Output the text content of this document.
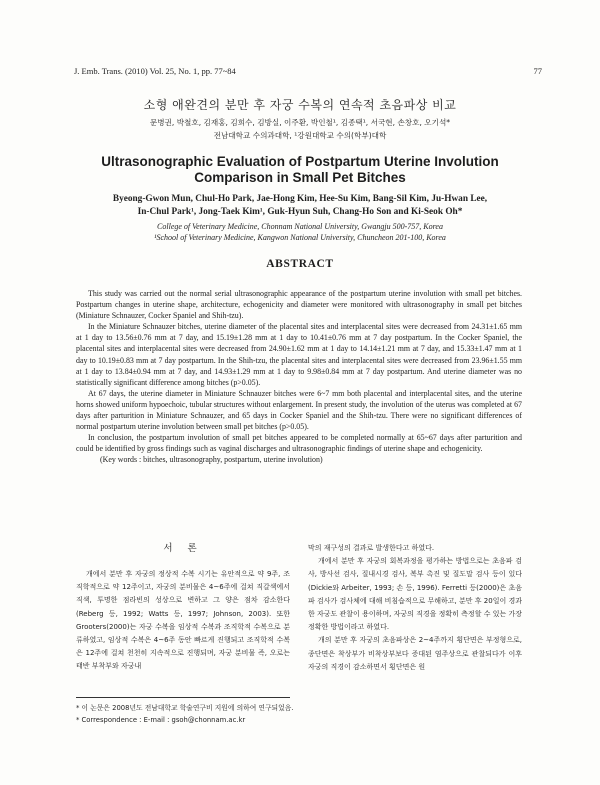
J. Emb. Trans. (2010) Vol. 25, No. 1, pp. 77~84	77
소형 애완견의 분만 후 자궁 수복의 연속적 초음파상 비교
문병권, 박철호, 김재홍, 김희수, 김방실, 이주환, 박인철¹, 김종택¹, 서국현, 손창호, 오기석*
전남대학교 수의과대학, ¹강원대학교 수의(학부)대학
Ultrasonographic Evaluation of Postpartum Uterine Involution Comparison in Small Pet Bitches
Byeong-Gwon Mun, Chul-Ho Park, Jae-Hong Kim, Hee-Su Kim, Bang-Sil Kim, Ju-Hwan Lee,
In-Chul Park¹, Jong-Taek Kim¹, Guk-Hyun Suh, Chang-Ho Son and Ki-Seok Oh*
College of Veterinary Medicine, Chonnam National University, Gwangju 500-757, Korea
¹School of Veterinary Medicine, Kangwon National University, Chuncheon 201-100, Korea
ABSTRACT

This study was carried out the normal serial ultrasonographic appearance of the postpartum uterine involution with small pet bitches. Postpartum changes in uterine shape, architecture, echogenicity and diameter were monitored with ultrasonography in small pet bitches (Miniature Schnauzer, Cocker Spaniel and Shih-tzu).

In the Miniature Schnauzer bitches, uterine diameter of the placental sites and interplacental sites were decreased from 24.31±1.65 mm at 1 day to 13.56±0.76 mm at 7 day, and 15.19±1.28 mm at 1 day to 10.41±0.76 mm at 7 day postpartum. In the Cocker Spaniel, the placental sites and interplacental sites were decreased from 24.90±1.62 mm at 1 day to 14.14±1.21 mm at 7 day, and 15.33±1.47 mm at 1 day to 10.19±0.83 mm at 7 day postpartum. In the Shih-tzu, the placental sites and interplacental sites were decreased from 23.96±1.55 mm at 1 day to 13.84±0.94 mm at 7 day, and 14.93±1.29 mm at 1 day to 9.98±0.84 mm at 7 day postpartum. And uterine diameter was no statistically significant difference among bitches (p>0.05).

At 67 days, the uterine diameter in Miniature Schnauzer bitches were 6~7 mm both placental and interplacental sites, and the uterine horns showed uniform hypoechoic, tubular structures without enlargement. In present study, the involution of the uterus was completed at 67 days after parturition in Miniature Schnauzer, and 65 days in Cocker Spaniel and the Shih-tzu. There were no significant differences of normal postpartum uterine involution between small pet bitches (p>0.05).

In conclusion, the postpartum involution of small pet bitches appeared to be completed normally at 65~67 days after parturition and could be identified by gross findings such as vaginal discharges and ultrasonographic findings of uterine shape and echogenicity.

(Key words : bitches, ultrasonography, postpartum, uterine involution)

서 론

개에서 분만 후 자궁의 정상적 수복 시기는 유안적으로 약 9주, 조직학적으로 약 12주이고, 자궁의 분비물은 4~6주에 걸쳐 직갈색에서 직색, 투명한 점라빈의 성상으로 변하고 그 양은 점차 감소한다(Reberg 등, 1992; Watts 등, 1997; Johnson, 2003). 또한 Grooters(2000)는 자궁 수복을 임상적 수복과 조직학적 수복으로 분류하였고, 임상적 수복은 4~6주 동안 빠르게 진행되고 조직학적 수복은 12주에 걸쳐 천천히 지속적으로 진행되며, 자궁 분비물 즉, 오로는 태반 부착부와 자궁내

막의 재구성의 결과로 발생한다고 하였다.

개에서 분만 후 자궁의 회복과정을 평가하는 방법으로는 초음파 검사, 방사선 검사, 질내시경 검사, 복부 촉진 및 질도말 검사 등이 있다(Dickie와 Arbeiter, 1993; 손 등, 1996). Ferretti 등(2000)은 초음파 검사가 검사체에 대해 비침습적으로 무해하고, 분만 후 20일이 경과한 자궁도 관찰이 용이하며, 자궁의 직경을 정확히 측정할 수 있는 가장 정확한 방법이라고 하였다.

개의 분만 후 자궁의 초음파상은 2~4주까지 횡단면은 부정형으로, 종단면은 착상부가 비착상부보다 증대된 염주상으로 관찰되다가 이후 자궁의 직경이 감소하면서 횡단면은 원

* 이 논문은 2008년도 전남대학교 학술연구비 지원에 의하여 연구되었음.
* Correspondence : E-mail : gsoh@chonnam.ac.kr
